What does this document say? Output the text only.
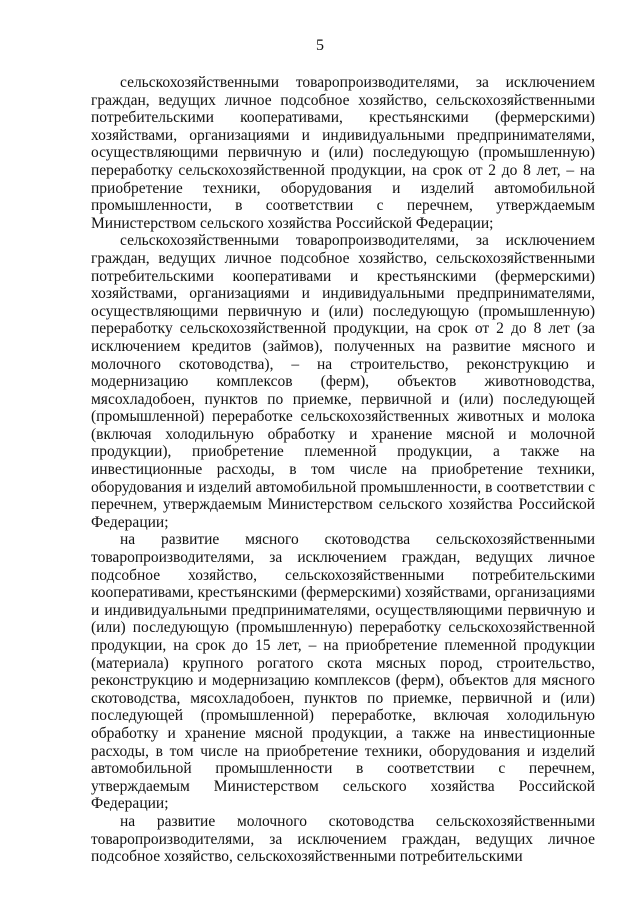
5

сельскохозяйственными товаропроизводителями, за исключением граждан, ведущих личное подсобное хозяйство, сельскохозяйственными потребительскими кооперативами, крестьянскими (фермерскими) хозяйствами, организациями и индивидуальными предпринимателями, осуществляющими первичную и (или) последующую (промышленную) переработку сельскохозяйственной продукции, на срок от 2 до 8 лет, – на приобретение техники, оборудования и изделий автомобильной промышленности, в соответствии с перечнем, утверждаемым Министерством сельского хозяйства Российской Федерации;

сельскохозяйственными товаропроизводителями, за исключением граждан, ведущих личное подсобное хозяйство, сельскохозяйственными потребительскими кооперативами и крестьянскими (фермерскими) хозяйствами, организациями и индивидуальными предпринимателями, осуществляющими первичную и (или) последующую (промышленную) переработку сельскохозяйственной продукции, на срок от 2 до 8 лет (за исключением кредитов (займов), полученных на развитие мясного и молочного скотоводства), – на строительство, реконструкцию и модернизацию комплексов (ферм), объектов животноводства, мясохладобоен, пунктов по приемке, первичной и (или) последующей (промышленной) переработке сельскохозяйственных животных и молока (включая холодильную обработку и хранение мясной и молочной продукции), приобретение племенной продукции, а также на инвестиционные расходы, в том числе на приобретение техники, оборудования и изделий автомобильной промышленности, в соответствии с перечнем, утверждаемым Министерством сельского хозяйства Российской Федерации;

на развитие мясного скотоводства сельскохозяйственными товаропроизводителями, за исключением граждан, ведущих личное подсобное хозяйство, сельскохозяйственными потребительскими кооперативами, крестьянскими (фермерскими) хозяйствами, организациями и индивидуальными предпринимателями, осуществляющими первичную и (или) последующую (промышленную) переработку сельскохозяйственной продукции, на срок до 15 лет, – на приобретение племенной продукции (материала) крупного рогатого скота мясных пород, строительство, реконструкцию и модернизацию комплексов (ферм), объектов для мясного скотоводства, мясохладобоен, пунктов по приемке, первичной и (или) последующей (промышленной) переработке, включая холодильную обработку и хранение мясной продукции, а также на инвестиционные расходы, в том числе на приобретение техники, оборудования и изделий автомобильной промышленности в соответствии с перечнем, утверждаемым Министерством сельского хозяйства Российской Федерации;

на развитие молочного скотоводства сельскохозяйственными товаропроизводителями, за исключением граждан, ведущих личное подсобное хозяйство, сельскохозяйственными потребительскими
